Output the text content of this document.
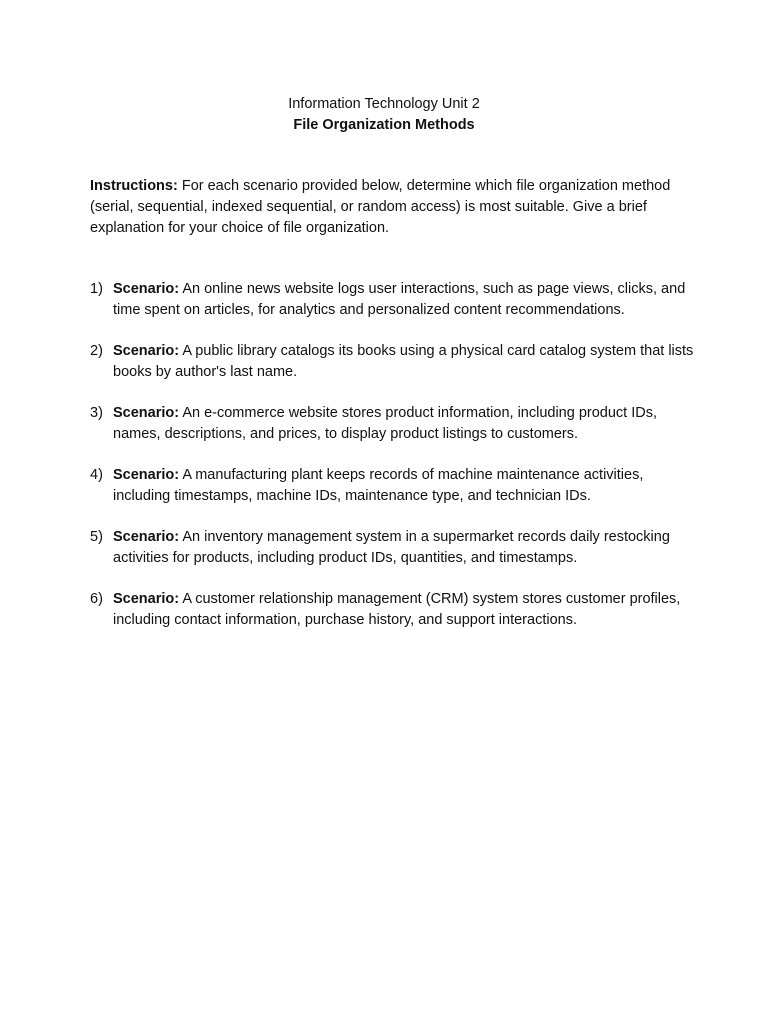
Information Technology Unit 2
File Organization Methods
Instructions: For each scenario provided below, determine which file organization method (serial, sequential, indexed sequential, or random access) is most suitable. Give a brief explanation for your choice of file organization.
1) Scenario: An online news website logs user interactions, such as page views, clicks, and time spent on articles, for analytics and personalized content recommendations.
2) Scenario: A public library catalogs its books using a physical card catalog system that lists books by author's last name.
3) Scenario: An e-commerce website stores product information, including product IDs, names, descriptions, and prices, to display product listings to customers.
4) Scenario: A manufacturing plant keeps records of machine maintenance activities, including timestamps, machine IDs, maintenance type, and technician IDs.
5) Scenario: An inventory management system in a supermarket records daily restocking activities for products, including product IDs, quantities, and timestamps.
6) Scenario: A customer relationship management (CRM) system stores customer profiles, including contact information, purchase history, and support interactions.
